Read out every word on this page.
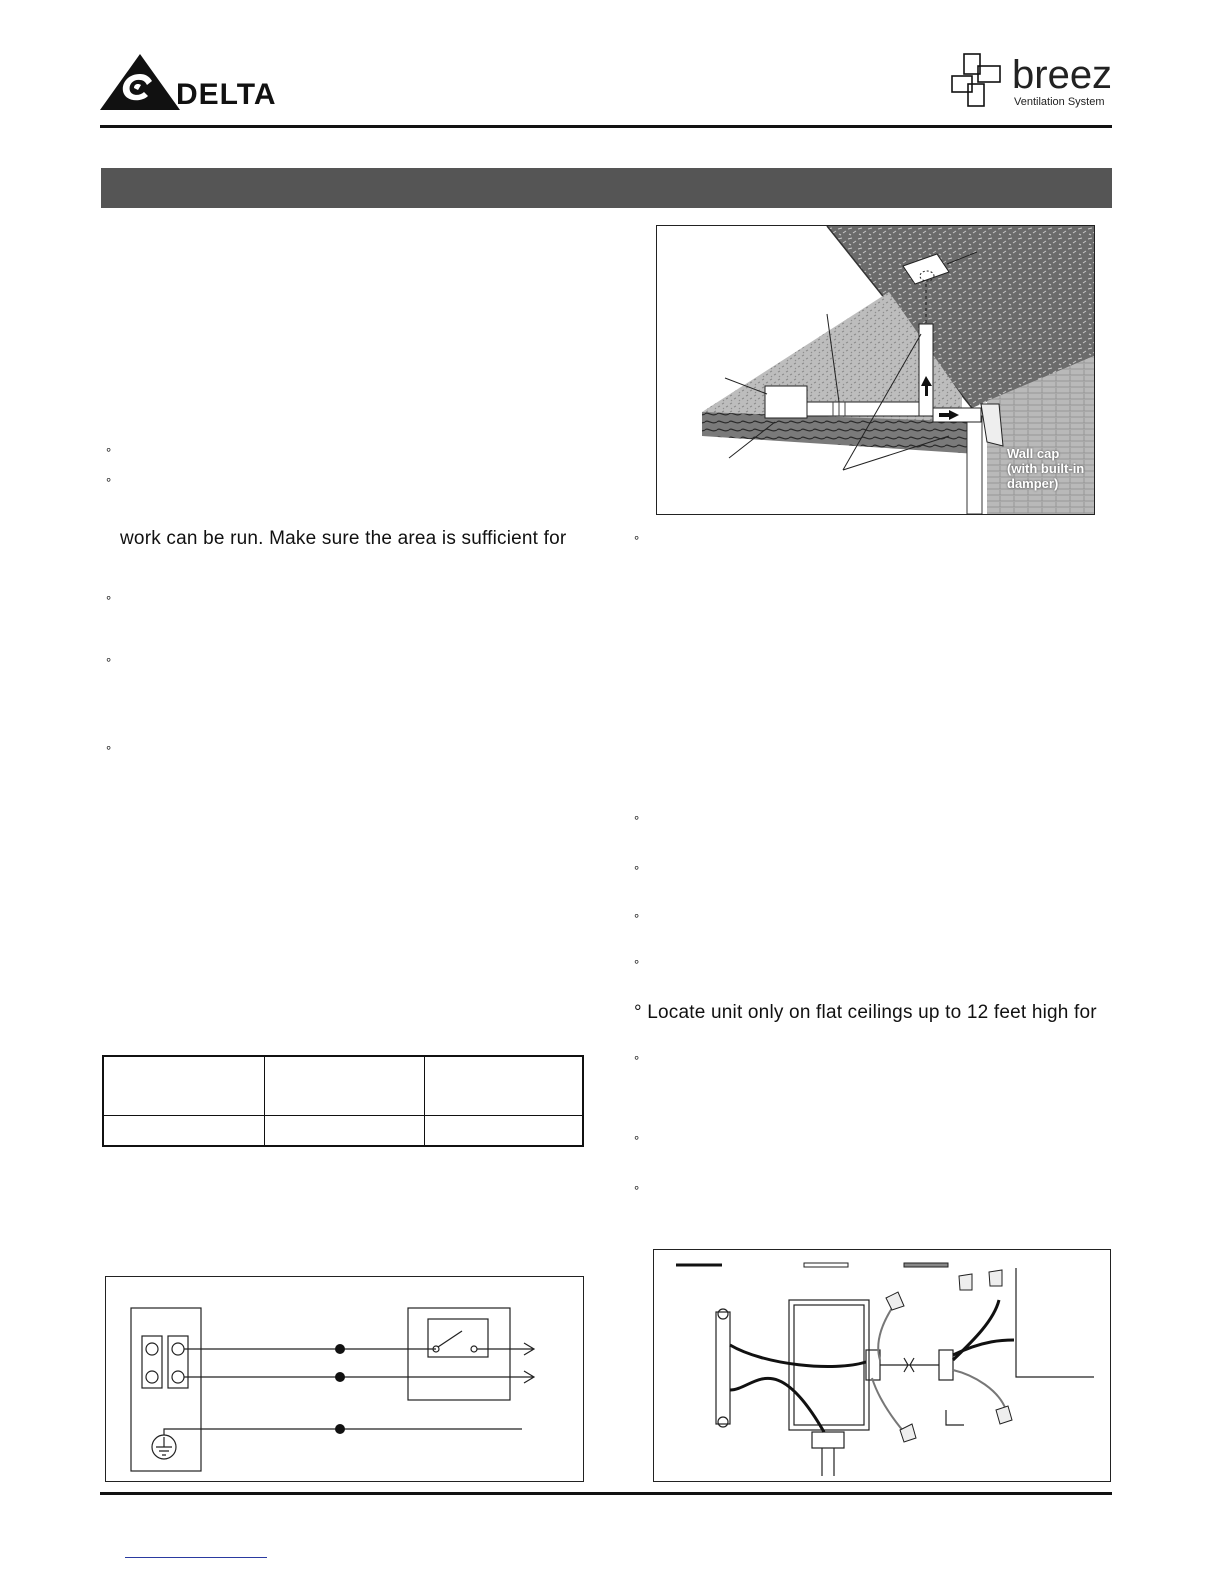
DELTA	breez
Ventilation System
Wall cap (with built-in damper)
°
°
work can be run. Make sure the area is sufficient for
°
°
°
°
°
°
°
°
° Locate unit only on flat ceilings up to 12 feet high for
°
°
°
